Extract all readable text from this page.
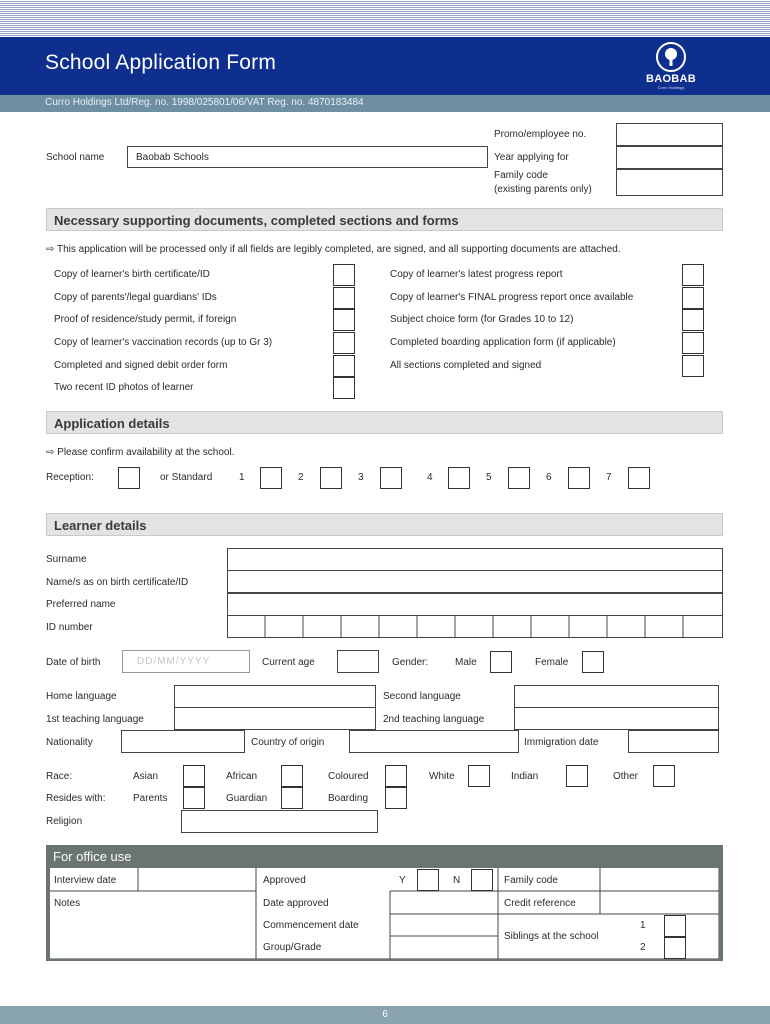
School Application Form
BAOBAB
Curro Holdings
Curro Holdings Ltd/Reg. no. 1998/025801/06/VAT Reg. no. 4870183484
School name	Baobab Schools
Promo/employee no.
Year applying for
Family code
(existing parents only)
Necessary supporting documents, completed sections and forms
⇨ This application will be processed only if all fields are legibly completed, are signed, and all supporting documents are attached.
Copy of learner's birth certificate/ID
Copy of parents'/legal guardians' IDs
Proof of residence/study permit, if foreign
Copy of learner's vaccination records (up to Gr 3)
Completed and signed debit order form
Two recent ID photos of learner
Copy of learner's latest progress report
Copy of learner's FINAL progress report once available
Subject choice form (for Grades 10 to 12)
Completed boarding application form (if applicable)
All sections completed and signed
Application details
⇨ Please confirm availability at the school.
Reception:	or Standard	1	2	3	4	5	6	7
Learner details
Surname
Name/s as on birth certificate/ID
Preferred name
ID number
Date of birth	DD/MM/YYYY	Current age	Gender:	Male	Female
Home language	Second language
1st teaching language	2nd teaching language
Nationality	Country of origin	Immigration date
Race:	Asian	African	Coloured	White	Indian	Other
Resides with:	Parents	Guardian	Boarding
Religion
For office use
Interview date
Notes
Approved	Y	N
Date approved
Commencement date
Group/Grade
Family code
Credit reference
Siblings at the school
1
2
6
